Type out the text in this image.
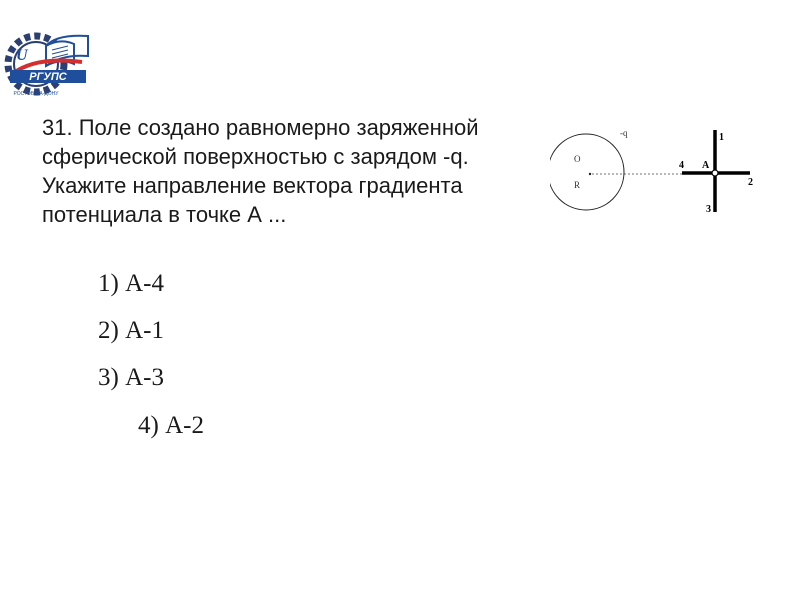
U
РГУПС
РОСТОВ-НА-ДОНУ

31. Поле создано равномерно заряженной сферической поверхностью с зарядом -q. Укажите направление вектора градиента потенциала в точке А ...

-q
O
R
A
1
2
3
4
1) А-4
2) А-1
3) А-3
4) А-2
